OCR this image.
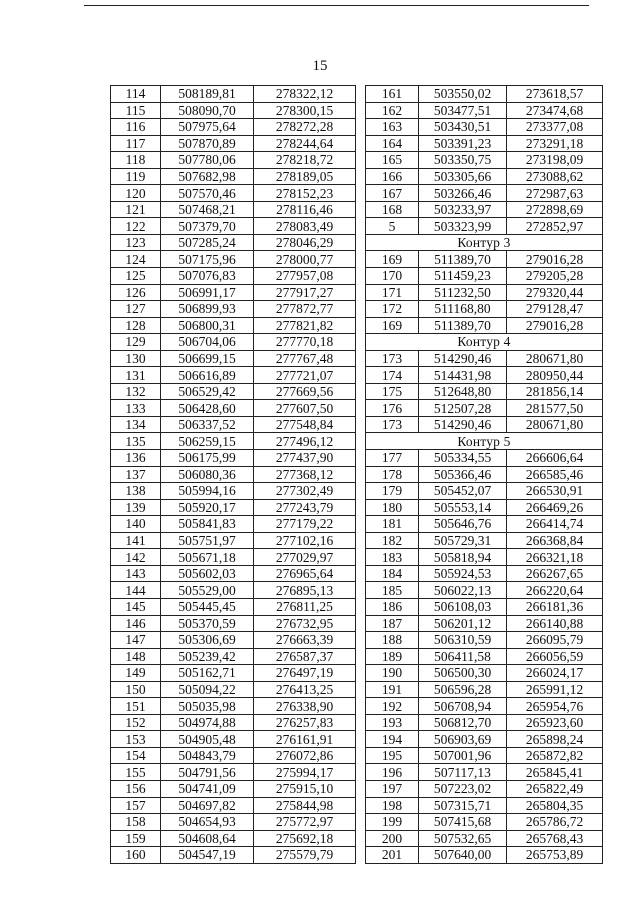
15
114	508189,81	278322,12
115	508090,70	278300,15
116	507975,64	278272,28
117	507870,89	278244,64
118	507780,06	278218,72
119	507682,98	278189,05
120	507570,46	278152,23
121	507468,21	278116,46
122	507379,70	278083,49
123	507285,24	278046,29
124	507175,96	278000,77
125	507076,83	277957,08
126	506991,17	277917,27
127	506899,93	277872,77
128	506800,31	277821,82
129	506704,06	277770,18
130	506699,15	277767,48
131	506616,89	277721,07
132	506529,42	277669,56
133	506428,60	277607,50
134	506337,52	277548,84
135	506259,15	277496,12
136	506175,99	277437,90
137	506080,36	277368,12
138	505994,16	277302,49
139	505920,17	277243,79
140	505841,83	277179,22
141	505751,97	277102,16
142	505671,18	277029,97
143	505602,03	276965,64
144	505529,00	276895,13
145	505445,45	276811,25
146	505370,59	276732,95
147	505306,69	276663,39
148	505239,42	276587,37
149	505162,71	276497,19
150	505094,22	276413,25
151	505035,98	276338,90
152	504974,88	276257,83
153	504905,48	276161,91
154	504843,79	276072,86
155	504791,56	275994,17
156	504741,09	275915,10
157	504697,82	275844,98
158	504654,93	275772,97
159	504608,64	275692,18
160	504547,19	275579,79
161	503550,02	273618,57
162	503477,51	273474,68
163	503430,51	273377,08
164	503391,23	273291,18
165	503350,75	273198,09
166	503305,66	273088,62
167	503266,46	272987,63
168	503233,97	272898,69
5	503323,99	272852,97
Контур 3		
169	511389,70	279016,28
170	511459,23	279205,28
171	511232,50	279320,44
172	511168,80	279128,47
169	511389,70	279016,28
Контур 4		
173	514290,46	280671,80
174	514431,98	280950,44
175	512648,80	281856,14
176	512507,28	281577,50
173	514290,46	280671,80
Контур 5		
177	505334,55	266606,64
178	505366,46	266585,46
179	505452,07	266530,91
180	505553,14	266469,26
181	505646,76	266414,74
182	505729,31	266368,84
183	505818,94	266321,18
184	505924,53	266267,65
185	506022,13	266220,64
186	506108,03	266181,36
187	506201,12	266140,88
188	506310,59	266095,79
189	506411,58	266056,59
190	506500,30	266024,17
191	506596,28	265991,12
192	506708,94	265954,76
193	506812,70	265923,60
194	506903,69	265898,24
195	507001,96	265872,82
196	507117,13	265845,41
197	507223,02	265822,49
198	507315,71	265804,35
199	507415,68	265786,72
200	507532,65	265768,43
201	507640,00	265753,89
